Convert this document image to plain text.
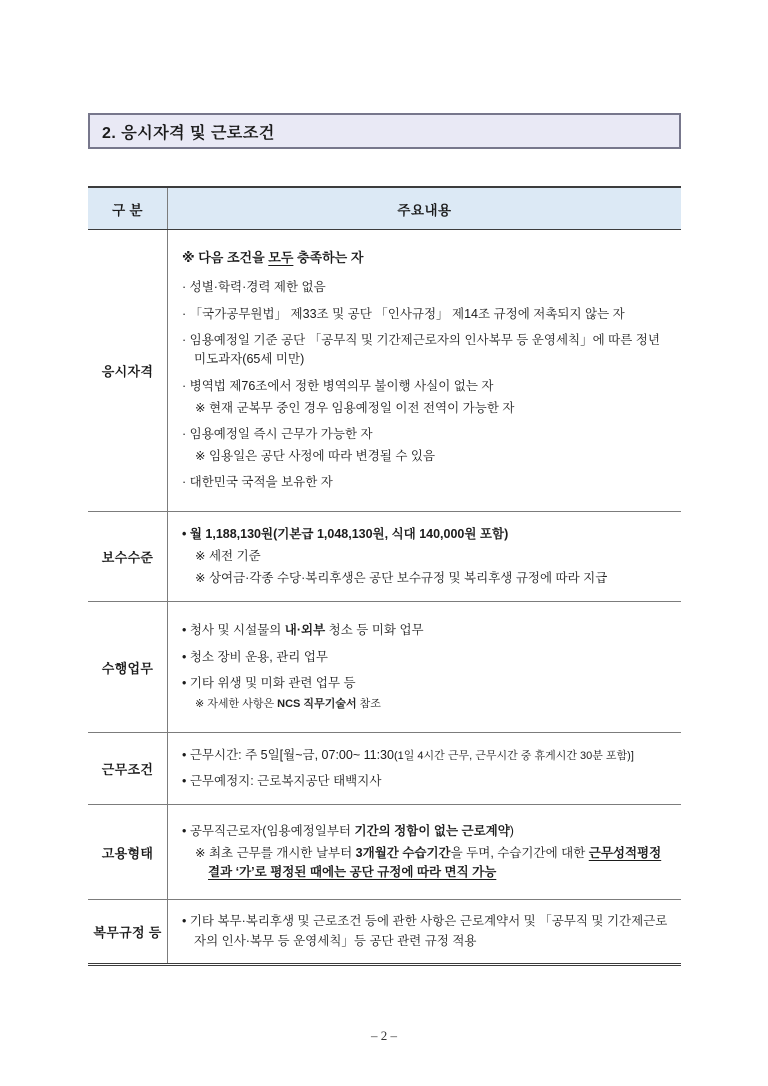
2. 응시자격 및 근로조건
구 분	주요내용
응시자격
※ 다음 조건을 모두 충족하는 자
· 성별·학력·경력 제한 없음
· 「국가공무원법」 제33조 및 공단 「인사규정」 제14조 규정에 저촉되지 않는 자
· 임용예정일 기준 공단 「공무직 및 기간제근로자의 인사복무 등 운영세칙」에 따른 정년 미도과자(65세 미만)
· 병역법 제76조에서 정한 병역의무 불이행 사실이 없는 자
※ 현재 군복무 중인 경우 임용예정일 이전 전역이 가능한 자
· 임용예정일 즉시 근무가 가능한 자
※ 임용일은 공단 사정에 따라 변경될 수 있음
· 대한민국 국적을 보유한 자
보수수준
• 월 1,188,130원(기본급 1,048,130원, 식대 140,000원 포함)
※ 세전 기준
※ 상여금·각종 수당·복리후생은 공단 보수규정 및 복리후생 규정에 따라 지급
수행업무
• 청사 및 시설물의 내·외부 청소 등 미화 업무
• 청소 장비 운용, 관리 업무
• 기타 위생 및 미화 관련 업무 등
※ 자세한 사항은 NCS 직무기술서 참조
근무조건
• 근무시간: 주 5일[월~금, 07:00~ 11:30(1일 4시간 근무, 근무시간 중 휴게시간 30분 포함)]
• 근무예정지: 근로복지공단 태백지사
고용형태
• 공무직근로자(임용예정일부터 기간의 정함이 없는 근로계약)
※ 최초 근무를 개시한 날부터 3개월간 수습기간을 두며, 수습기간에 대한 근무성적평정 결과 ‘가’로 평정된 때에는 공단 규정에 따라 면직 가능
복무규정 등
• 기타 복무·복리후생 및 근로조건 등에 관한 사항은 근로계약서 및 「공무직 및 기간제근로자의 인사·복무 등 운영세칙」등 공단 관련 규정 적용
– 2 –
